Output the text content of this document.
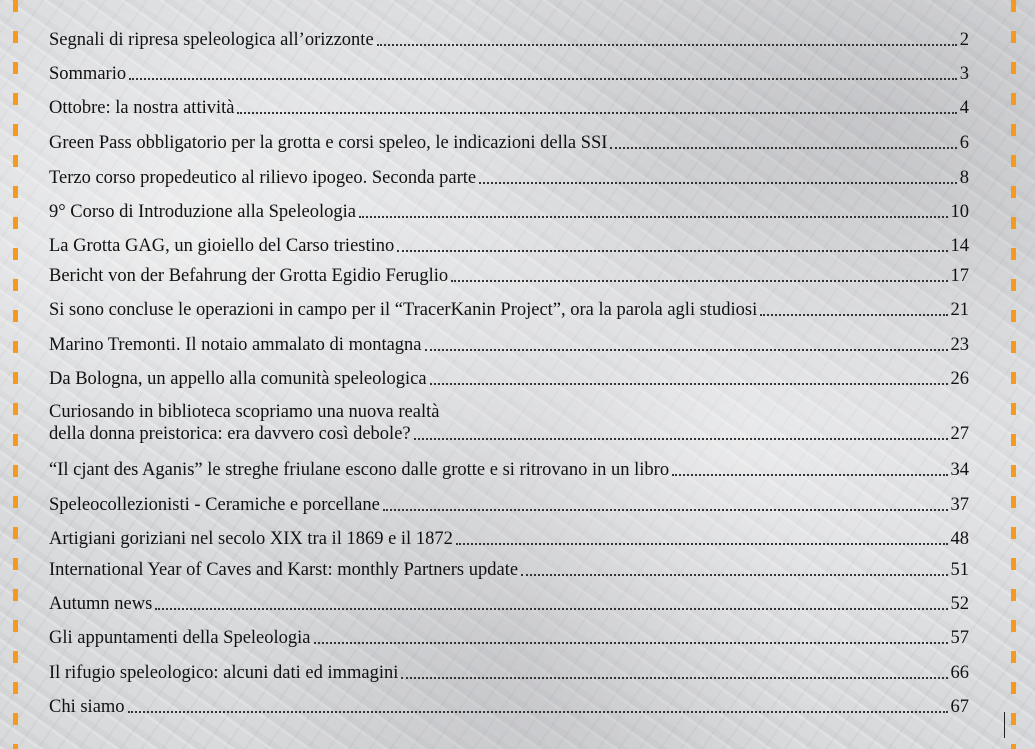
Segnali di ripresa speleologica all’orizzonte	2
Sommario	3
Ottobre: la nostra attività	4
Green Pass obbligatorio per la grotta e corsi speleo, le indicazioni della SSI	6
Terzo corso propedeutico al rilievo ipogeo. Seconda parte	8
9° Corso di Introduzione alla Speleologia	10
La Grotta GAG, un gioiello del Carso triestino	14
Bericht von der Befahrung der Grotta Egidio Feruglio	17
Si sono concluse le operazioni in campo per il “TracerKanin Project”, ora la parola agli studiosi	21
Marino Tremonti. Il notaio ammalato di montagna	23
Da Bologna, un appello alla comunità speleologica	26
Curiosando in biblioteca scopriamo una nuova realtà
della donna preistorica: era davvero così debole?	27
“Il cjant des Aganis” le streghe friulane escono dalle grotte e si ritrovano in un libro	34
Speleocollezionisti - Ceramiche e porcellane	37
Artigiani goriziani nel secolo XIX tra il 1869 e il 1872	48
International Year of Caves and Karst: monthly Partners update	51
Autumn news	52
Gli appuntamenti della Speleologia	57
Il rifugio speleologico: alcuni dati ed immagini	66
Chi siamo	67
